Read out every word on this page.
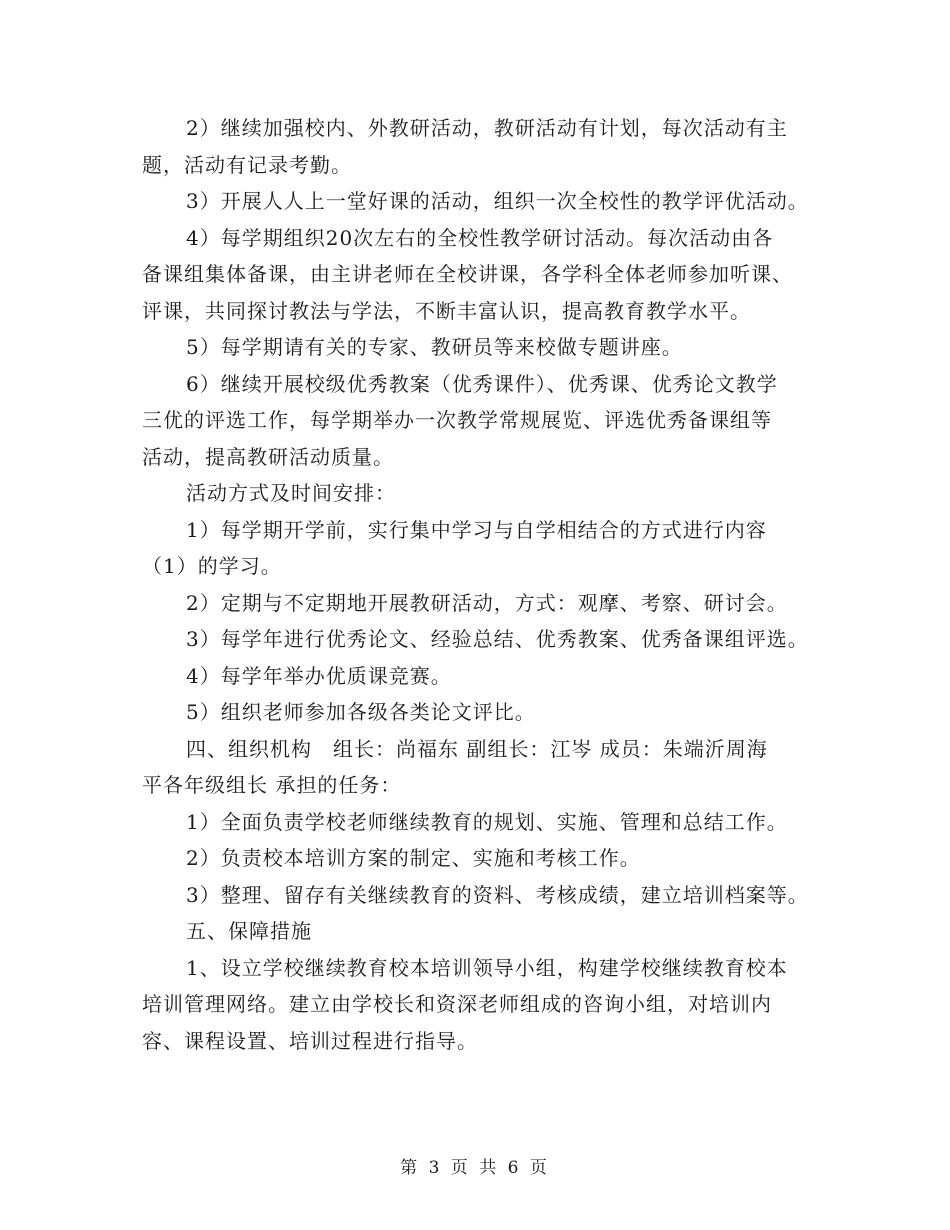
2）继续加强校内、外教研活动，教研活动有计划，每次活动有主
题，活动有记录考勤。
3）开展人人上一堂好课的活动，组织一次全校性的教学评优活动。
4）每学期组织20次左右的全校性教学研讨活动。每次活动由各
备课组集体备课，由主讲老师在全校讲课，各学科全体老师参加听课、
评课，共同探讨教法与学法，不断丰富认识，提高教育教学水平。
5）每学期请有关的专家、教研员等来校做专题讲座。
6）继续开展校级优秀教案（优秀课件）、优秀课、优秀论文教学
三优的评选工作，每学期举办一次教学常规展览、评选优秀备课组等
活动，提高教研活动质量。
活动方式及时间安排：
1）每学期开学前，实行集中学习与自学相结合的方式进行内容
（1）的学习。
2）定期与不定期地开展教研活动，方式：观摩、考察、研讨会。
3）每学年进行优秀论文、经验总结、优秀教案、优秀备课组评选。
4）每学年举办优质课竞赛。
5）组织老师参加各级各类论文评比。
四、组织机构　组长：尚福东 副组长：江岑 成员：朱端沂周海
平各年级组长 承担的任务：
1）全面负责学校老师继续教育的规划、实施、管理和总结工作。
2）负责校本培训方案的制定、实施和考核工作。
3）整理、留存有关继续教育的资料、考核成绩，建立培训档案等。
五、保障措施
1、设立学校继续教育校本培训领导小组，构建学校继续教育校本
培训管理网络。建立由学校长和资深老师组成的咨询小组，对培训内
容、课程设置、培训过程进行指导。
第 3 页 共 6 页
